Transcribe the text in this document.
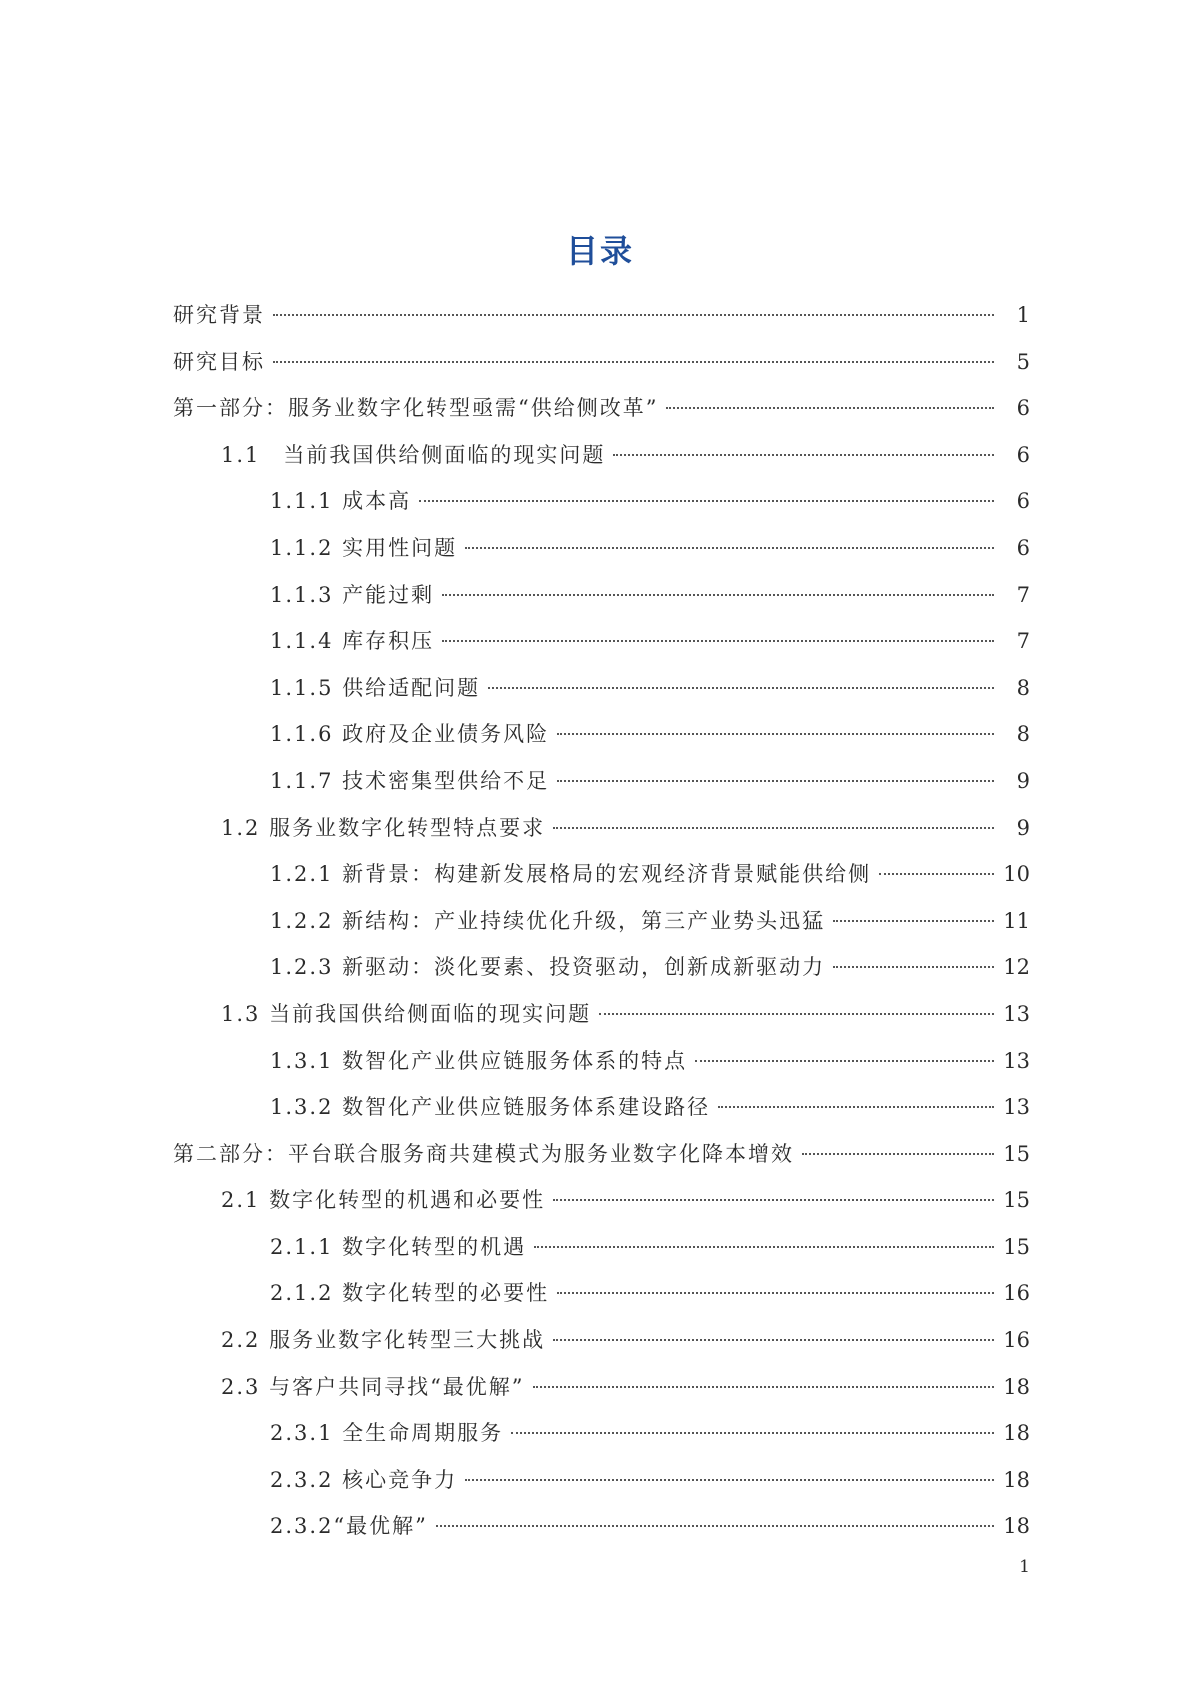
目录
研究背景	1
研究目标	5
第一部分：服务业数字化转型亟需“供给侧改革”	6
1.1　当前我国供给侧面临的现实问题	6
1.1.1 成本高	6
1.1.2 实用性问题	6
1.1.3 产能过剩	7
1.1.4 库存积压	7
1.1.5 供给适配问题	8
1.1.6 政府及企业债务风险	8
1.1.7 技术密集型供给不足	9
1.2 服务业数字化转型特点要求	9
1.2.1 新背景：构建新发展格局的宏观经济背景赋能供给侧	10
1.2.2 新结构：产业持续优化升级，第三产业势头迅猛	11
1.2.3 新驱动：淡化要素、投资驱动，创新成新驱动力	12
1.3 当前我国供给侧面临的现实问题	13
1.3.1 数智化产业供应链服务体系的特点	13
1.3.2 数智化产业供应链服务体系建设路径	13
第二部分：平台联合服务商共建模式为服务业数字化降本增效	15
2.1 数字化转型的机遇和必要性	15
2.1.1 数字化转型的机遇	15
2.1.2 数字化转型的必要性	16
2.2 服务业数字化转型三大挑战	16
2.3 与客户共同寻找“最优解”	18
2.3.1 全生命周期服务	18
2.3.2 核心竞争力	18
2.3.2“最优解”	18
1
